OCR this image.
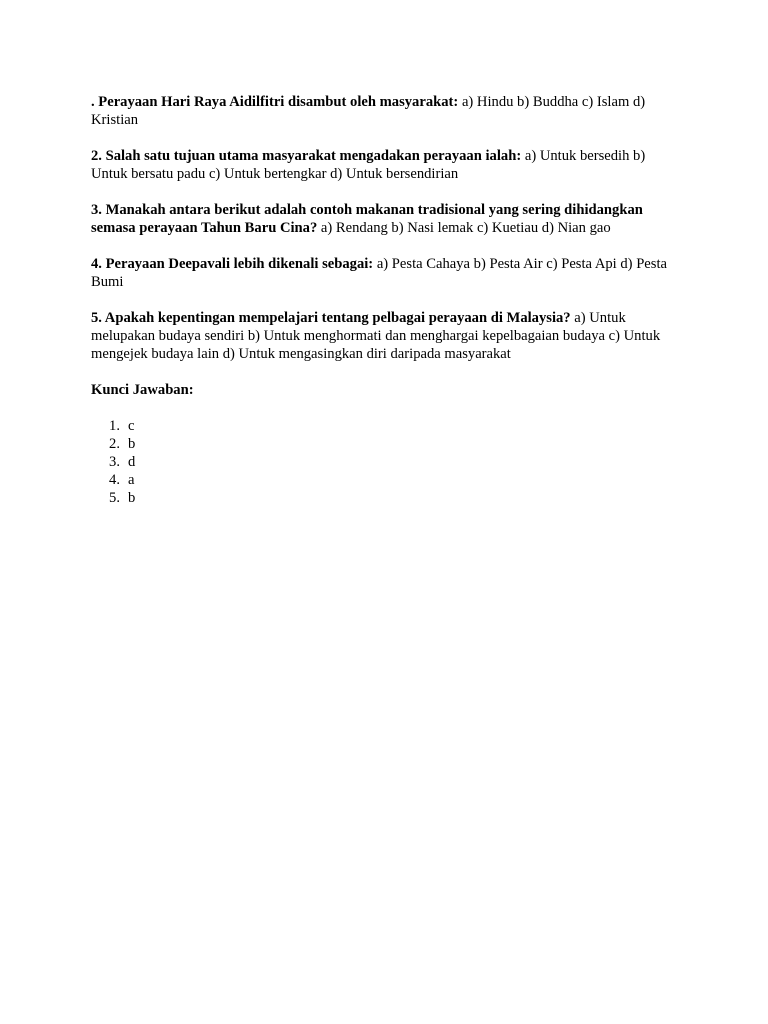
. Perayaan Hari Raya Aidilfitri disambut oleh masyarakat: a) Hindu b) Buddha c) Islam d) Kristian

2. Salah satu tujuan utama masyarakat mengadakan perayaan ialah: a) Untuk bersedih b) Untuk bersatu padu c) Untuk bertengkar d) Untuk bersendirian

3. Manakah antara berikut adalah contoh makanan tradisional yang sering dihidangkan semasa perayaan Tahun Baru Cina? a) Rendang b) Nasi lemak c) Kuetiau d) Nian gao

4. Perayaan Deepavali lebih dikenali sebagai: a) Pesta Cahaya b) Pesta Air c) Pesta Api d) Pesta Bumi

5. Apakah kepentingan mempelajari tentang pelbagai perayaan di Malaysia? a) Untuk melupakan budaya sendiri b) Untuk menghormati dan menghargai kepelbagaian budaya c) Untuk mengejek budaya lain d) Untuk mengasingkan diri daripada masyarakat

Kunci Jawaban:

1. c
2. b
3. d
4. a
5. b
